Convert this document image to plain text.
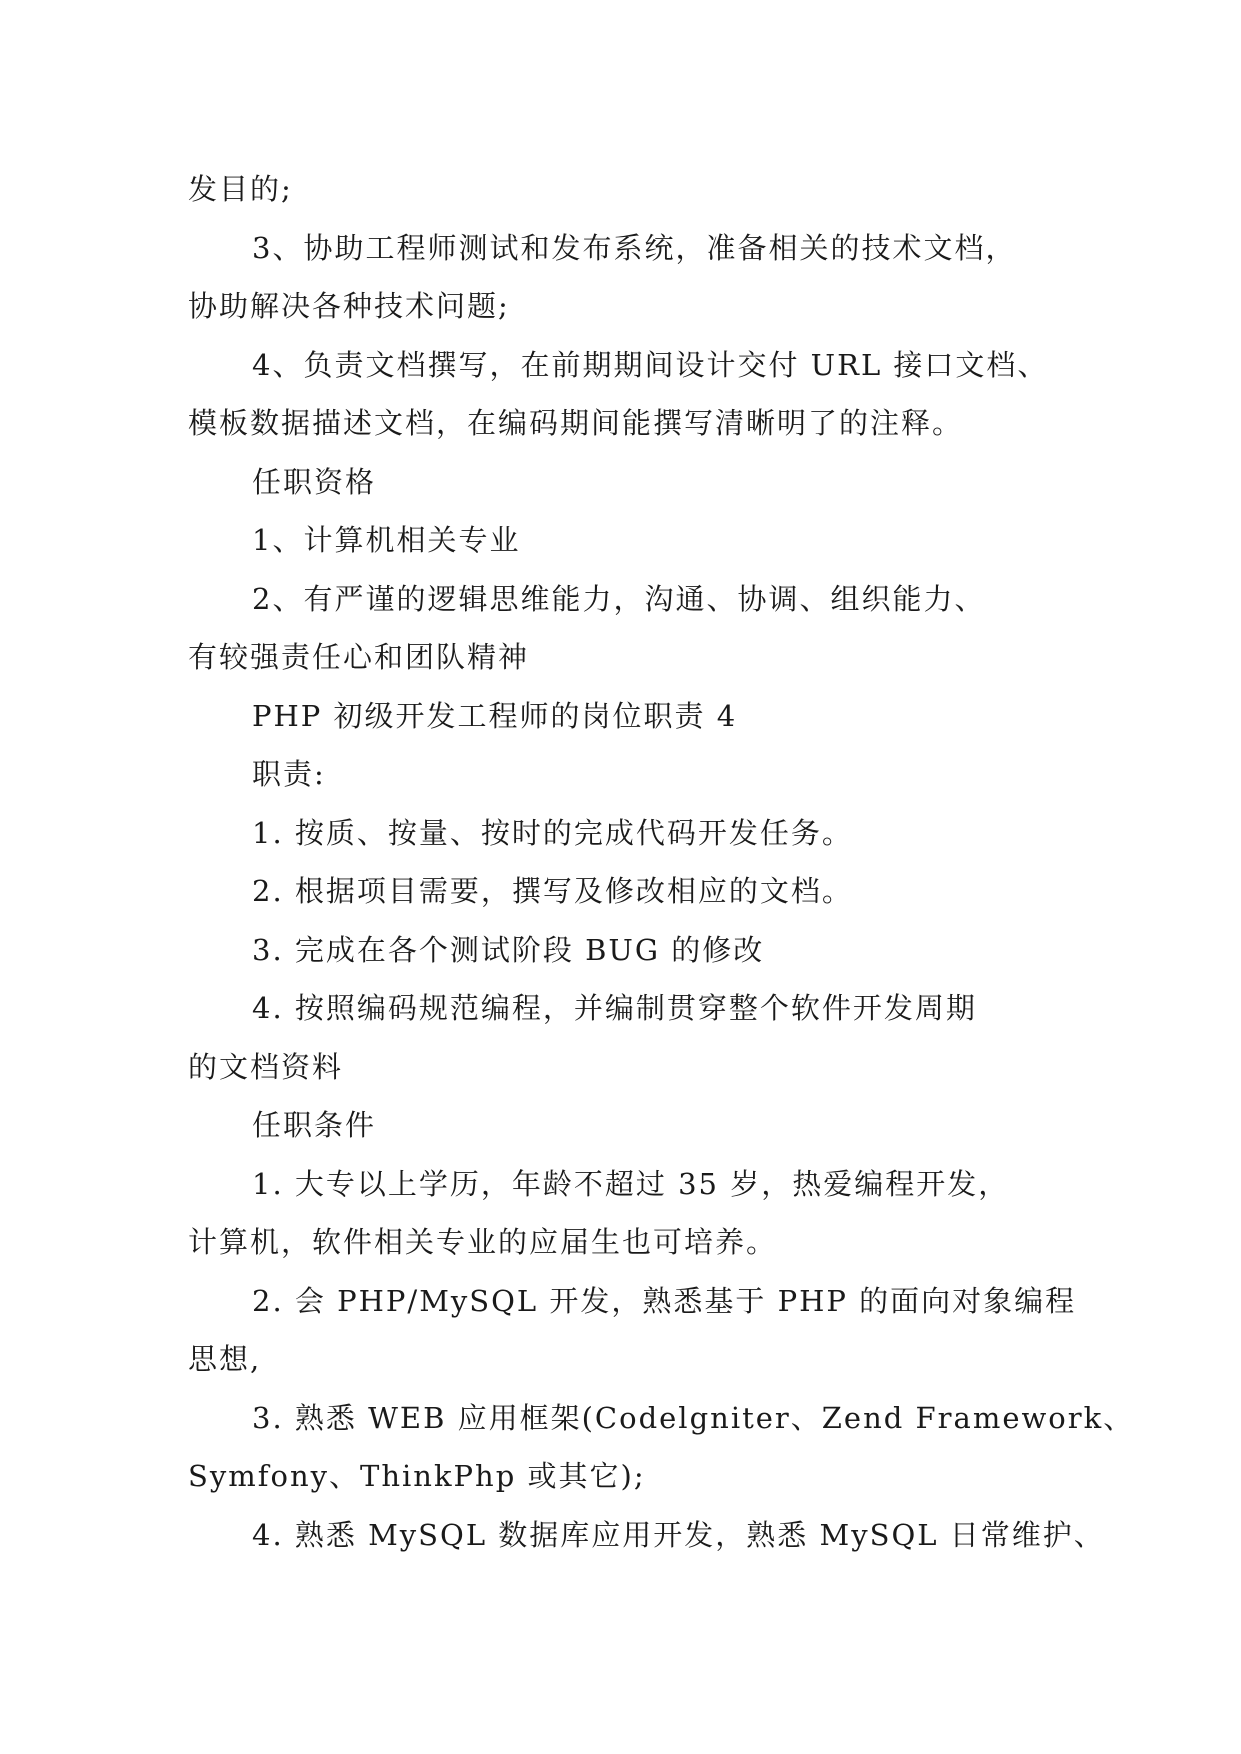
发目的;
3、协助工程师测试和发布系统，准备相关的技术文档，
协助解决各种技术问题;
4、负责文档撰写，在前期期间设计交付 URL 接口文档、
模板数据描述文档，在编码期间能撰写清晰明了的注释。
任职资格
1、计算机相关专业
2、有严谨的逻辑思维能力，沟通、协调、组织能力、
有较强责任心和团队精神
PHP 初级开发工程师的岗位职责 4
职责:
1. 按质、按量、按时的完成代码开发任务。
2. 根据项目需要，撰写及修改相应的文档。
3. 完成在各个测试阶段 BUG 的修改
4. 按照编码规范编程，并编制贯穿整个软件开发周期
的文档资料
任职条件
1. 大专以上学历，年龄不超过 35 岁，热爱编程开发，
计算机，软件相关专业的应届生也可培养。
2. 会 PHP/MySQL 开发，熟悉基于 PHP 的面向对象编程
思想,
3. 熟悉 WEB 应用框架(Codelgniter、Zend Framework、
Symfony、ThinkPhp 或其它);
4. 熟悉 MySQL 数据库应用开发，熟悉 MySQL 日常维护、
